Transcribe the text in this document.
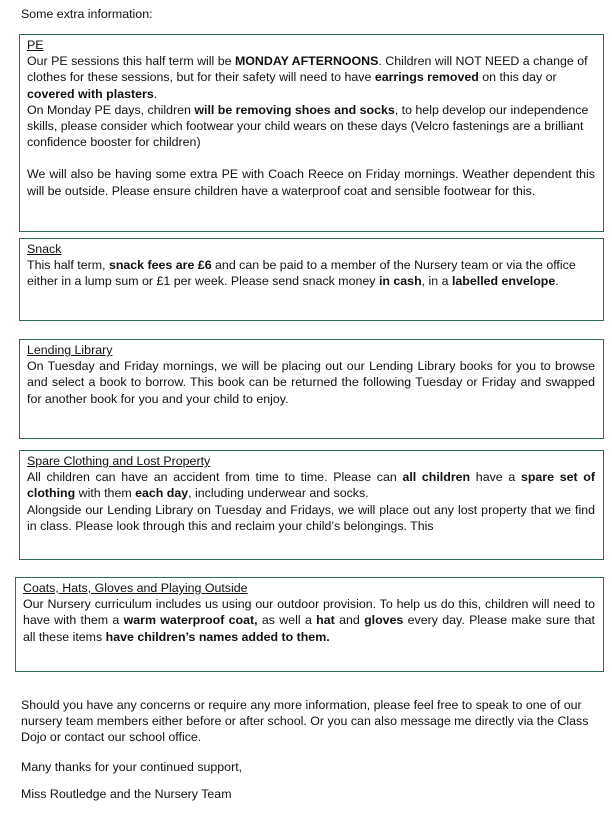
Some extra information:

PE

Our PE sessions this half term will be MONDAY AFTERNOONS. Children will NOT NEED a change of clothes for these sessions, but for their safety will need to have earrings removed on this day or covered with plasters.

On Monday PE days, children will be removing shoes and socks, to help develop our independence skills, please consider which footwear your child wears on these days (Velcro fastenings are a brilliant confidence booster for children)

We will also be having some extra PE with Coach Reece on Friday mornings. Weather dependent this will be outside. Please ensure children have a waterproof coat and sensible footwear for this.

Snack

This half term, snack fees are £6 and can be paid to a member of the Nursery team or via the office either in a lump sum or £1 per week. Please send snack money in cash, in a labelled envelope.

Lending Library

On Tuesday and Friday mornings, we will be placing out our Lending Library books for you to browse and select a book to borrow. This book can be returned the following Tuesday or Friday and swapped for another book for you and your child to enjoy.

Spare Clothing and Lost Property

All children can have an accident from time to time. Please can all children have a spare set of clothing with them each day, including underwear and socks.

Alongside our Lending Library on Tuesday and Fridays, we will place out any lost property that we find in class. Please look through this and reclaim your child’s belongings. This

Coats, Hats, Gloves and Playing Outside

Our Nursery curriculum includes us using our outdoor provision. To help us do this, children will need to have with them a warm waterproof coat, as well a hat and gloves every day. Please make sure that all these items have children’s names added to them.

Should you have any concerns or require any more information, please feel free to speak to one of our nursery team members either before or after school. Or you can also message me directly via the Class Dojo or contact our school office.
Many thanks for your continued support,
Miss Routledge and the Nursery Team
